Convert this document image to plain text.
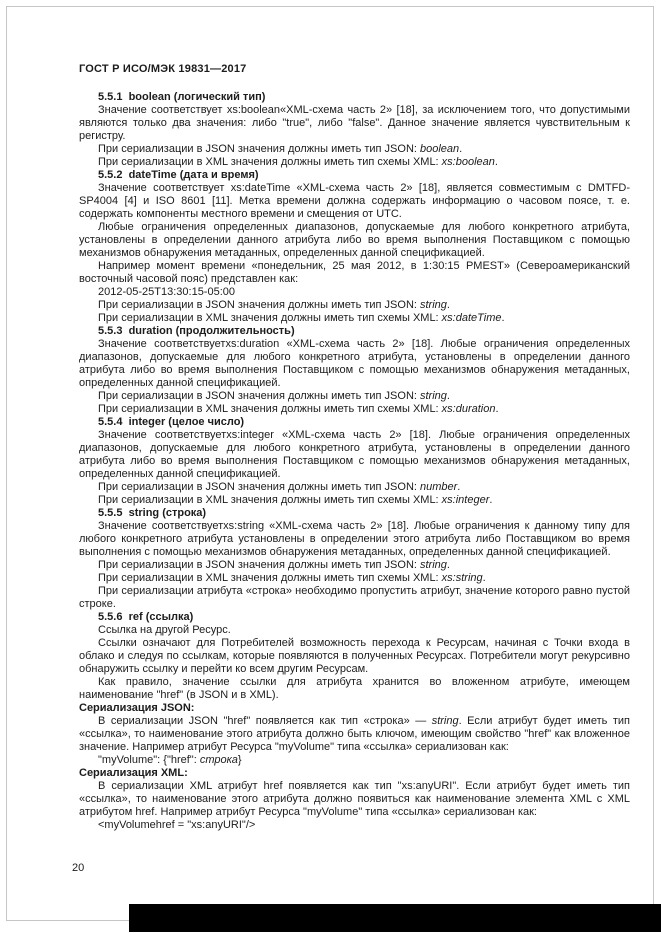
ГОСТ Р ИСО/МЭК 19831—2017

5.5.1  boolean (логический тип)

Значение соответствует xs:boolean«XML-схема часть 2» [18], за исключением того, что допустимыми являются только два значения: либо "true", либо "false". Данное значение является чувствительным к регистру.

При сериализации в JSON значения должны иметь тип JSON: boolean.

При сериализации в XML значения должны иметь тип схемы XML: xs:boolean.

5.5.2  dateTime (дата и время)

Значение соответствует xs:dateTime «XML-схема часть 2» [18], является совместимым с DMTFD-SP4004 [4] и ISO 8601 [11]. Метка времени должна содержать информацию о часовом поясе, т. е. содержать компоненты местного времени и смещения от UTC.

Любые ограничения определенных диапазонов, допускаемые для любого конкретного атрибута, установлены в определении данного атрибута либо во время выполнения Поставщиком с помощью механизмов обнаружения метаданных, определенных данной спецификацией.

Например момент времени «понедельник, 25 мая 2012, в 1:30:15 PMEST» (Североамериканский восточный часовой пояс) представлен как:

2012-05-25T13:30:15-05:00

При сериализации в JSON значения должны иметь тип JSON: string.

При сериализации в XML значения должны иметь тип схемы XML: xs:dateTime.

5.5.3  duration (продолжительность)

Значение соответствуетxs:duration «XML-схема часть 2» [18]. Любые ограничения определенных диапазонов, допускаемые для любого конкретного атрибута, установлены в определении данного атрибута либо во время выполнения Поставщиком с помощью механизмов обнаружения метаданных, определенных данной спецификацией.

При сериализации в JSON значения должны иметь тип JSON: string.

При сериализации в XML значения должны иметь тип схемы XML: xs:duration.

5.5.4  integer (целое число)

Значение соответствуетxs:integer «XML-схема часть 2» [18]. Любые ограничения определенных диапазонов, допускаемые для любого конкретного атрибута, установлены в определении данного атрибута либо во время выполнения Поставщиком с помощью механизмов обнаружения метаданных, определенных данной спецификацией.

При сериализации в JSON значения должны иметь тип JSON: number.

При сериализации в XML значения должны иметь тип схемы XML: xs:integer.

5.5.5  string (строка)

Значение соответствуетxs:string «XML-схема часть 2» [18]. Любые ограничения к данному типу для любого конкретного атрибута установлены в определении этого атрибута либо Поставщиком во время выполнения с помощью механизмов обнаружения метаданных, определенных данной спецификацией.

При сериализации в JSON значения должны иметь тип JSON: string.

При сериализации в XML значения должны иметь тип схемы XML: xs:string.

При сериализации атрибута «строка» необходимо пропустить атрибут, значение которого равно пустой строке.

5.5.6  ref (ссылка)

Ссылка на другой Ресурс.

Ссылки означают для Потребителей возможность перехода к Ресурсам, начиная с Точки входа в облако и следуя по ссылкам, которые появляются в полученных Ресурсах. Потребители могут рекурсивно обнаружить ссылку и перейти ко всем другим Ресурсам.

Как правило, значение ссылки для атрибута хранится во вложенном атрибуте, имеющем наименование "href" (в JSON и в XML).

Сериализация JSON:

В сериализации JSON "href" появляется как тип «строка» — string. Если атрибут будет иметь тип «ссылка», то наименование этого атрибута должно быть ключом, имеющим свойство "href" как вложенное значение. Например атрибут Ресурса "myVolume" типа «ссылка» сериализован как:

"myVolume": {"href": строка}

Сериализация XML:

В сериализации XML атрибут href появляется как тип "xs:anyURI". Если атрибут будет иметь тип «ссылка», то наименование этого атрибута должно появиться как наименование элемента XML с XML атрибутом href. Например атрибут Ресурса "myVolume" типа «ссылка» сериализован как:

<myVolumehref = "xs:anyURI"/>

20
